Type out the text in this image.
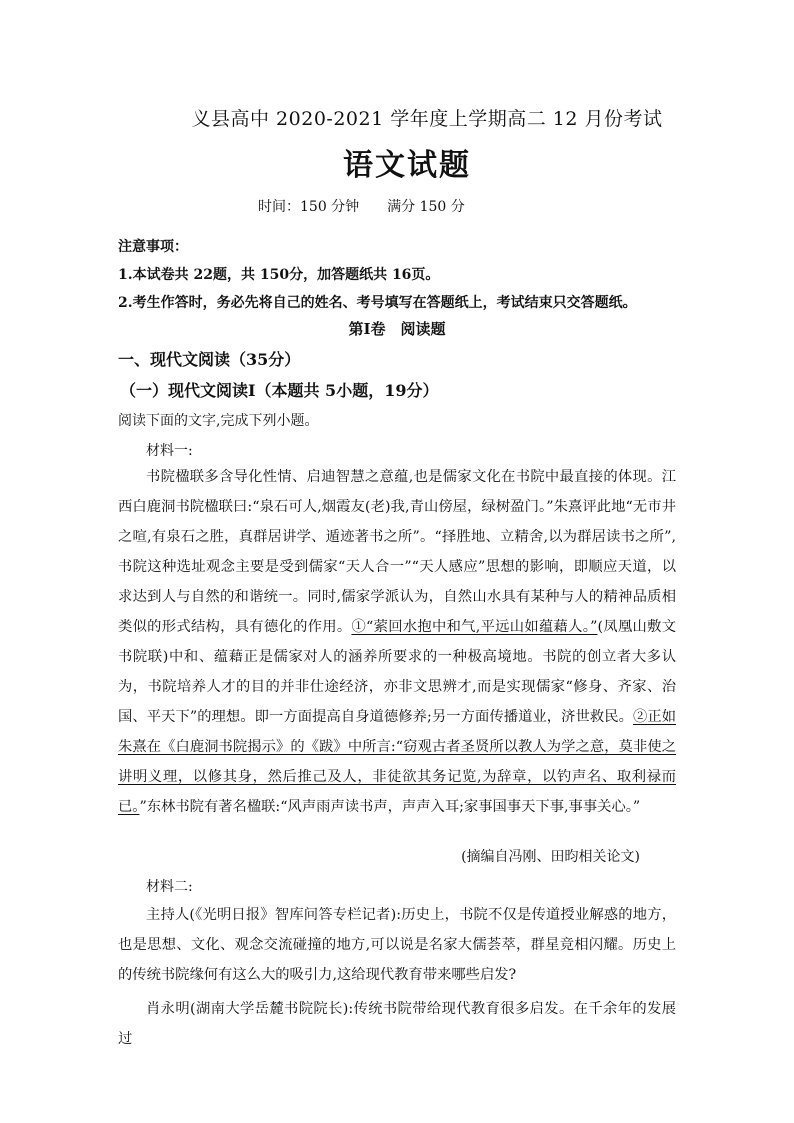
义县高中 2020-2021 学年度上学期高二 12 月份考试
语文试题
时间：150 分钟 满分 150 分
注意事项：
1.本试卷共 22题，共 150分，加答题纸共 16页。
2.考生作答时，务必先将自己的姓名、考号填写在答题纸上，考试结束只交答题纸。
第Ⅰ卷　阅读题
一、现代文阅读（35分）
（一）现代文阅读Ⅰ（本题共 5小题，19分）
阅读下面的文字,完成下列小题。
材料一:

书院楹联多含导化性情、启迪智慧之意蕴,也是儒家文化在书院中最直接的体现。江西白鹿洞书院楹联曰:“泉石可人,烟霞友(老)我,青山傍屋，绿树盈门。”朱熹评此地“无市井之喧,有泉石之胜，真群居讲学、遁迹著书之所”。“择胜地、立精舍,以为群居读书之所”,书院这种选址观念主要是受到儒家“天人合一”“天人感应”思想的影响，即顺应天道，以求达到人与自然的和谐统一。同时,儒家学派认为，自然山水具有某种与人的精神品质相类似的形式结构，具有德化的作用。①“萦回水抱中和气,平远山如蕴藉人。”(凤凰山敷文书院联)中和、蕴藉正是儒家对人的涵养所要求的一种极高境地。书院的创立者大多认为，书院培养人才的目的并非仕途经济，亦非文思辨才,而是实现儒家“修身、齐家、治国、平天下”的理想。即一方面提高自身道德修养;另一方面传播道业，济世救民。②正如朱熹在《白鹿洞书院揭示》的《跋》中所言:“窃观古者圣贤所以教人为学之意，莫非使之讲明义理，以修其身，然后推己及人，非徒欲其务记览,为辞章，以钓声名、取利禄而已。”东林书院有著名楹联:“风声雨声读书声，声声入耳;家事国事天下事,事事关心。”

(摘编自冯刚、田昀相关论文)
材料二:

主持人(《光明日报》智库问答专栏记者):历史上，书院不仅是传道授业解惑的地方，也是思想、文化、观念交流碰撞的地方,可以说是名家大儒荟萃，群星竞相闪耀。历史上的传统书院缘何有这么大的吸引力,这给现代教育带来哪些启发?

肖永明(湖南大学岳麓书院院长):传统书院带给现代教育很多启发。在千余年的发展过
